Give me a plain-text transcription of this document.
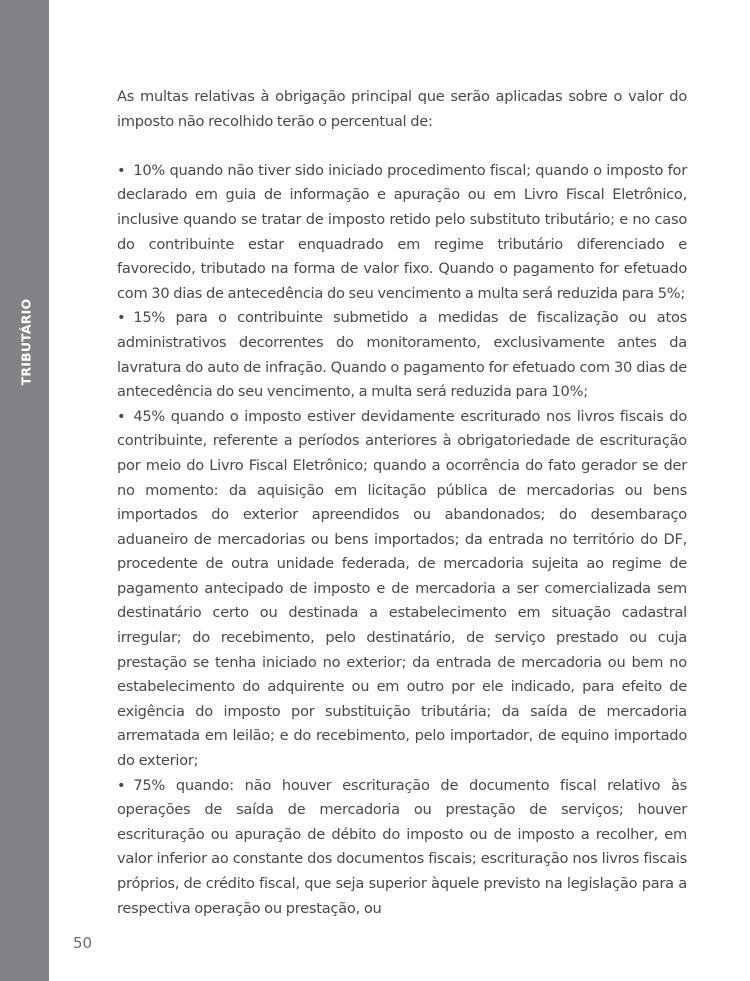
TRIBUTÁRIO

As multas relativas à obrigação principal que serão aplicadas sobre o valor do imposto não recolhido terão o percentual de:

• 10% quando não tiver sido iniciado procedimento fiscal; quando o imposto for declarado em guia de informação e apuração ou em Livro Fiscal Eletrônico, inclusive quando se tratar de imposto retido pelo substituto tributário; e no caso do contribuinte estar enquadrado em regime tributário diferenciado e favorecido, tributado na forma de valor fixo. Quando o pagamento for efetuado com 30 dias de antecedência do seu vencimento a multa será reduzida para 5%;

• 15% para o contribuinte submetido a medidas de fiscalização ou atos administrativos decorrentes do monitoramento, exclusivamente antes da lavratura do auto de infração. Quando o pagamento for efetuado com 30 dias de antecedência do seu vencimento, a multa será reduzida para 10%;

• 45% quando o imposto estiver devidamente escriturado nos livros fiscais do contribuinte, referente a períodos anteriores à obrigatoriedade de escrituração por meio do Livro Fiscal Eletrônico; quando a ocorrência do fato gerador se der no momento: da aquisição em licitação pública de mercadorias ou bens importados do exterior apreendidos ou abandonados; do desembaraço aduaneiro de mercadorias ou bens importados; da entrada no território do DF, procedente de outra unidade federada, de mercadoria sujeita ao regime de pagamento antecipado de imposto e de mercadoria a ser comercializada sem destinatário certo ou destinada a estabelecimento em situação cadastral irregular; do recebimento, pelo destinatário, de serviço prestado ou cuja prestação se tenha iniciado no exterior; da entrada de mercadoria ou bem no estabelecimento do adquirente ou em outro por ele indicado, para efeito de exigência do imposto por substituição tributária; da saída de mercadoria arrematada em leilão; e do recebimento, pelo importador, de equino importado do exterior;

• 75% quando: não houver escrituração de documento fiscal relativo às operações de saída de mercadoria ou prestação de serviços; houver escrituração ou apuração de débito do imposto ou de imposto a recolher, em valor inferior ao constante dos documentos fiscais; escrituração nos livros fiscais próprios, de crédito fiscal, que seja superior àquele previsto na legislação para a respectiva operação ou prestação, ou

50
